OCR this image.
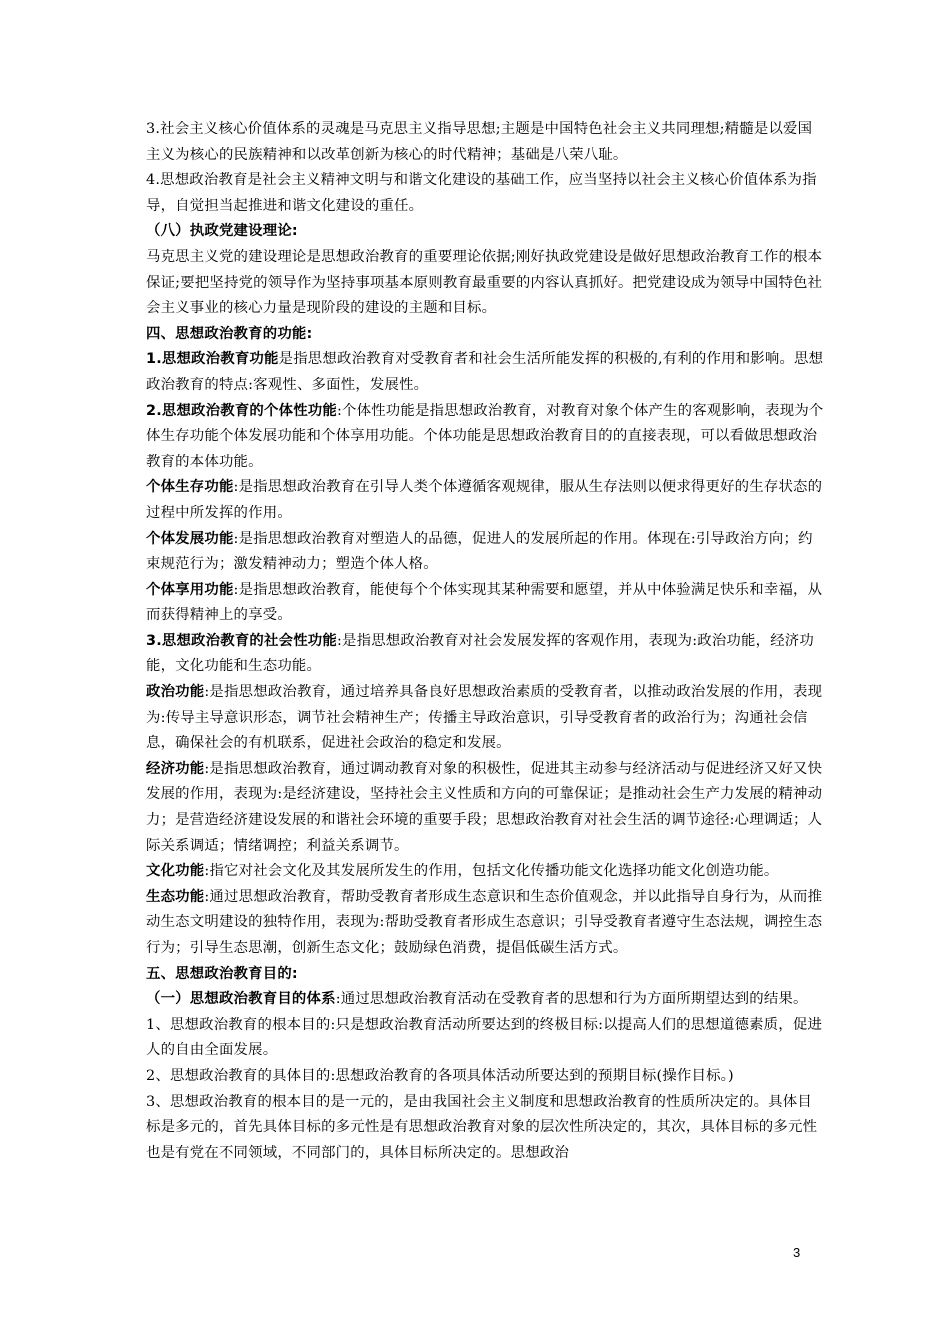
3.社会主义核心价值体系的灵魂是马克思主义指导思想;主题是中国特色社会主义共同理想;精髓是以爱国主义为核心的民族精神和以改革创新为核心的时代精神；基础是八荣八耻。

4.思想政治教育是社会主义精神文明与和谐文化建设的基础工作，应当坚持以社会主义核心价值体系为指导，自觉担当起推进和谐文化建设的重任。

（八）执政党建设理论:

马克思主义党的建设理论是思想政治教育的重要理论依据;刚好执政党建设是做好思想政治教育工作的根本保证;要把坚持党的领导作为坚持事项基本原则教育最重要的内容认真抓好。把党建设成为领导中国特色社会主义事业的核心力量是现阶段的建设的主题和目标。

四、思想政治教育的功能:

1.思想政治教育功能是指思想政治教育对受教育者和社会生活所能发挥的积极的,有利的作用和影响。思想政治教育的特点:客观性、多面性，发展性。

2.思想政治教育的个体性功能:个体性功能是指思想政治教育，对教育对象个体产生的客观影响，表现为个体生存功能个体发展功能和个体享用功能。个体功能是思想政治教育目的的直接表现，可以看做思想政治教育的本体功能。

个体生存功能:是指思想政治教育在引导人类个体遵循客观规律，服从生存法则以便求得更好的生存状态的过程中所发挥的作用。

个体发展功能:是指思想政治教育对塑造人的品德，促进人的发展所起的作用。体现在:引导政治方向；约束规范行为；激发精神动力；塑造个体人格。

个体享用功能:是指思想政治教育，能使每个个体实现其某种需要和愿望，并从中体验满足快乐和幸福，从而获得精神上的享受。

3.思想政治教育的社会性功能:是指思想政治教育对社会发展发挥的客观作用，表现为:政治功能，经济功能，文化功能和生态功能。

政治功能:是指思想政治教育，通过培养具备良好思想政治素质的受教育者，以推动政治发展的作用，表现为:传导主导意识形态，调节社会精神生产；传播主导政治意识，引导受教育者的政治行为；沟通社会信息，确保社会的有机联系，促进社会政治的稳定和发展。

经济功能:是指思想政治教育，通过调动教育对象的积极性，促进其主动参与经济活动与促进经济又好又快发展的作用，表现为:是经济建设，坚持社会主义性质和方向的可靠保证；是推动社会生产力发展的精神动力；是营造经济建设发展的和谐社会环境的重要手段；思想政治教育对社会生活的调节途径:心理调适；人际关系调适；情绪调控；利益关系调节。

文化功能:指它对社会文化及其发展所发生的作用，包括文化传播功能文化选择功能文化创造功能。

生态功能:通过思想政治教育，帮助受教育者形成生态意识和生态价值观念，并以此指导自身行为，从而推动生态文明建设的独特作用，表现为:帮助受教育者形成生态意识；引导受教育者遵守生态法规，调控生态行为；引导生态思潮，创新生态文化；鼓励绿色消费，提倡低碳生活方式。

五、思想政治教育目的:

（一）思想政治教育目的体系:通过思想政治教育活动在受教育者的思想和行为方面所期望达到的结果。

1、思想政治教育的根本目的:只是想政治教育活动所要达到的终极目标:以提高人们的思想道德素质，促进人的自由全面发展。

2、思想政治教育的具体目的:思想政治教育的各项具体活动所要达到的预期目标(操作目标。)

3、思想政治教育的根本目的是一元的，是由我国社会主义制度和思想政治教育的性质所决定的。具体目标是多元的，首先具体目标的多元性是有思想政治教育对象的层次性所决定的，其次，具体目标的多元性也是有党在不同领域，不同部门的，具体目标所决定的。思想政治

3
